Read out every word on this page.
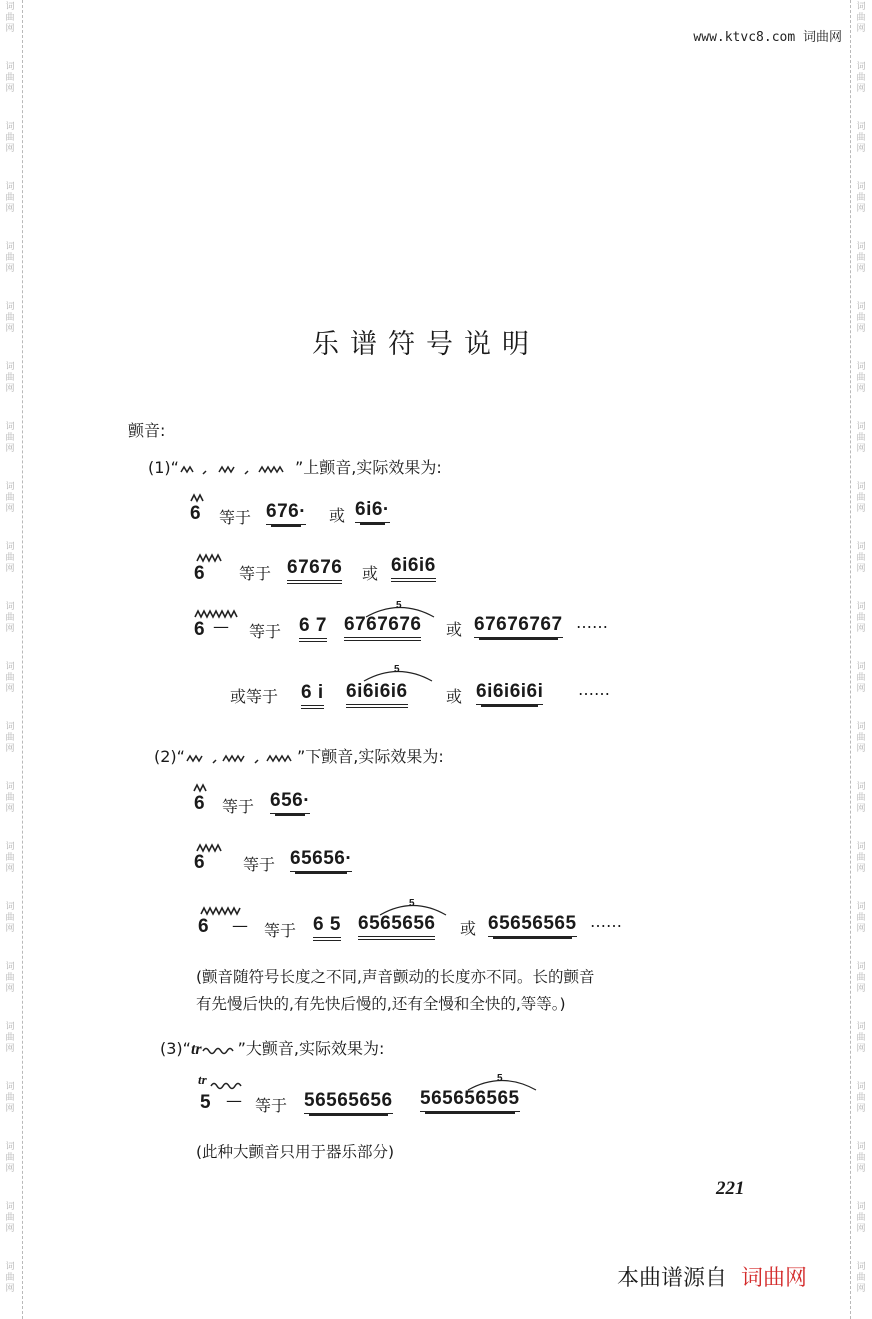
词
曲
网
词
曲
网
词
曲
网
词
曲
网
词
曲
网
词
曲
网
词
曲
网
词
曲
网
词
曲
网
词
曲
网
词
曲
网
词
曲
网
词
曲
网
词
曲
网
词
曲
网
词
曲
网
词
曲
网
词
曲
网
词
曲
网
词
曲
网
词
曲
网
词
曲
网
词
曲
网
词
曲
网
词
曲
网
词
曲
网
词
曲
网
词
曲
网
词
曲
网
词
曲
网
词
曲
网
词
曲
网
词
曲
网
词
曲
网
词
曲
网
词
曲
网
词
曲
网
词
曲
网
词
曲
网
词
曲
网
词
曲
网
词
曲
网
词
曲
网
词
曲
网
www.ktvc8.com 词曲网
乐谱符号说明
颤音:
(1)“	”上颤音,实际效果为:
6 等于 676· 或 6i6·
6 等于 67676 或 6i6i6
6 — 等于 6 7
5
6767676 或 67676767 ……
或等于 6 i
5
6i6i6i6 或 6i6i6i6i ……
(2)“	”下颤音,实际效果为:
6 等于 656·
6 等于 65656·
6 — 等于 6 5
5
6565656 或 65656565 ……
(颤音随符号长度之不同,声音颤动的长度亦不同。长的颤音
有先慢后快的,有先快后慢的,还有全慢和全快的,等等。)
(3)“tr ”大颤音,实际效果为:
tr
5 — 等于 56565656
5
565656565
(此种大颤音只用于器乐部分)
221
本曲谱源自 词曲网
